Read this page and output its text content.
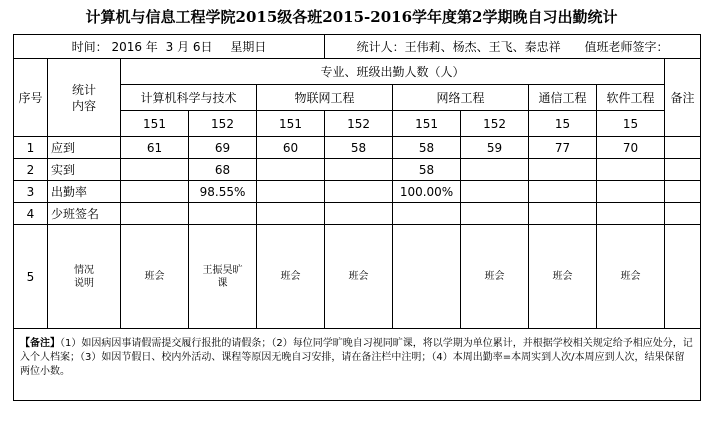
计算机与信息工程学院2015级各班2015-2016学年度第2学期晚自习出勤统计
时间： 2016 年 3 月 6日 星期日					统计人：王伟莉、杨杰、王飞、秦忠祥 值班老师签字：					
序号	统计内容	专业、班级出勤人数（人）								备注
		计算机科学与技术		物联网工程		网络工程		通信工程	软件工程	
		151	152	151	152	151	152	15	15	
1	应到	61	69	60	58	58	59	77	70	
2	实到		68			58				
3	出勤率		98.55%			100.00%				
4	少班签名									
5	情况说明	班会	王振昊旷课	班会	班会		班会	班会	班会	
【备注】（1）如因病因事请假需提交履行报批的请假条；（2）每位同学旷晚自习视同旷课，将以学期为单位累计，并根据学校相关规定给予相应处分，记入个人档案；（3）如因节假日、校内外活动、课程等原因无晚自习安排，请在备注栏中注明；（4）本周出勤率=本周实到人次/本周应到人次，结果保留两位小数。										
